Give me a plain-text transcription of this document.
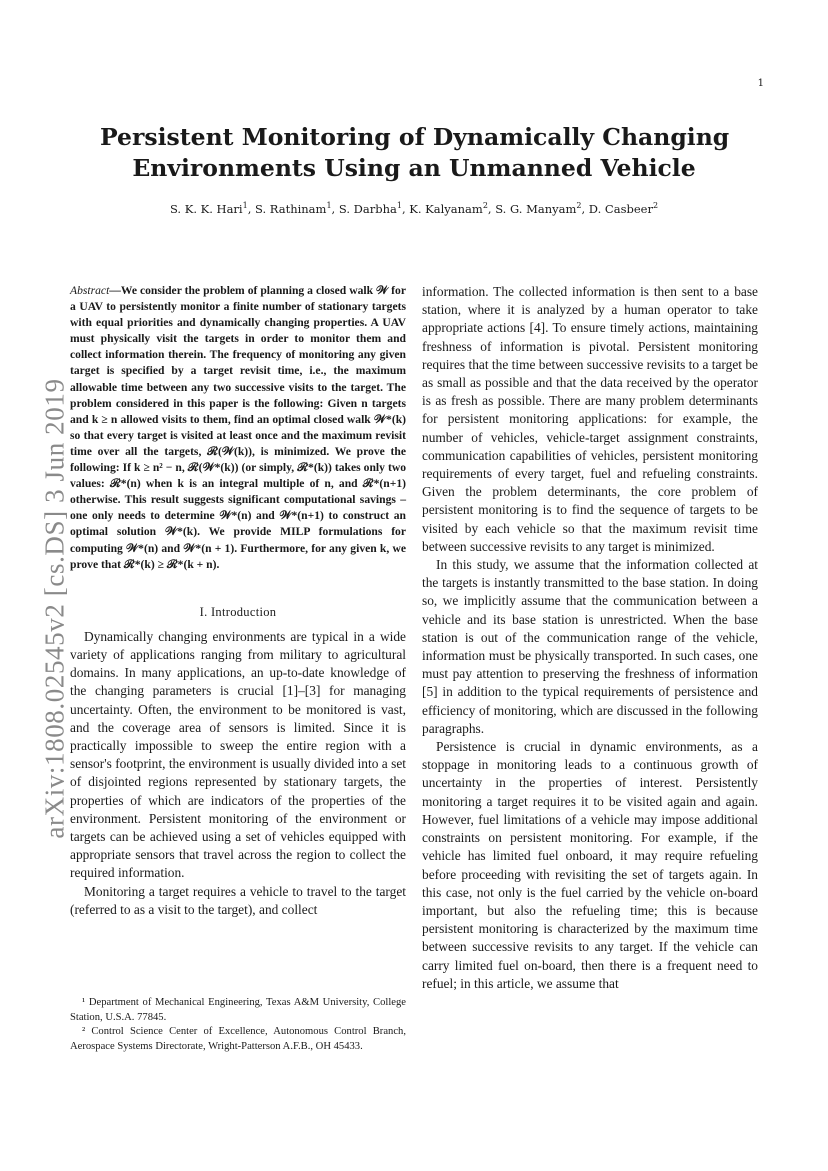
1
arXiv:1808.02545v2 [cs.DS] 3 Jun 2019
Persistent Monitoring of Dynamically Changing
Environments Using an Unmanned Vehicle
S. K. K. Hari$^1$, S. Rathinam$^1$, S. Darbha$^1$, K. Kalyanam$^2$, S. G. Manyam$^2$, D. Casbeer$^2$
Abstract—We consider the problem of planning a closed walk 𝒲 for a UAV to persistently monitor a finite number of stationary targets with equal priorities and dynamically changing properties. A UAV must physically visit the targets in order to monitor them and collect information therein. The frequency of monitoring any given target is specified by a target revisit time, i.e., the maximum allowable time between any two successive visits to the target. The problem considered in this paper is the following: Given n targets and k ≥ n allowed visits to them, find an optimal closed walk 𝒲*(k) so that every target is visited at least once and the maximum revisit time over all the targets, ℛ(𝒲(k)), is minimized. We prove the following: If k ≥ n² − n, ℛ(𝒲*(k)) (or simply, ℛ*(k)) takes only two values: ℛ*(n) when k is an integral multiple of n, and ℛ*(n+1) otherwise. This result suggests significant computational savings – one only needs to determine 𝒲*(n) and 𝒲*(n+1) to construct an optimal solution 𝒲*(k). We provide MILP formulations for computing 𝒲*(n) and 𝒲*(n + 1). Furthermore, for any given k, we prove that ℛ*(k) ≥ ℛ*(k + n).
I. Introduction

Dynamically changing environments are typical in a wide variety of applications ranging from military to agricultural domains. In many applications, an up-to-date knowledge of the changing parameters is crucial [1]–[3] for managing uncertainty. Often, the environment to be monitored is vast, and the coverage area of sensors is limited. Since it is practically impossible to sweep the entire region with a sensor's footprint, the environment is usually divided into a set of disjointed regions represented by stationary targets, the properties of which are indicators of the properties of the environment. Persistent monitoring of the environment or targets can be achieved using a set of vehicles equipped with appropriate sensors that travel across the region to collect the required information.

Monitoring a target requires a vehicle to travel to the target (referred to as a visit to the target), and collect

¹ Department of Mechanical Engineering, Texas A&M University, College Station, U.S.A. 77845.

² Control Science Center of Excellence, Autonomous Control Branch, Aerospace Systems Directorate, Wright-Patterson A.F.B., OH 45433.

information. The collected information is then sent to a base station, where it is analyzed by a human operator to take appropriate actions [4]. To ensure timely actions, maintaining freshness of information is pivotal. Persistent monitoring requires that the time between successive revisits to a target be as small as possible and that the data received by the operator is as fresh as possible. There are many problem determinants for persistent monitoring applications: for example, the number of vehicles, vehicle-target assignment constraints, communication capabilities of vehicles, persistent monitoring requirements of every target, fuel and refueling constraints. Given the problem determinants, the core problem of persistent monitoring is to find the sequence of targets to be visited by each vehicle so that the maximum revisit time between successive revisits to any target is minimized.

In this study, we assume that the information collected at the targets is instantly transmitted to the base station. In doing so, we implicitly assume that the communication between a vehicle and its base station is unrestricted. When the base station is out of the communication range of the vehicle, information must be physically transported. In such cases, one must pay attention to preserving the freshness of information [5] in addition to the typical requirements of persistence and efficiency of monitoring, which are discussed in the following paragraphs.

Persistence is crucial in dynamic environments, as a stoppage in monitoring leads to a continuous growth of uncertainty in the properties of interest. Persistently monitoring a target requires it to be visited again and again. However, fuel limitations of a vehicle may impose additional constraints on persistent monitoring. For example, if the vehicle has limited fuel onboard, it may require refueling before proceeding with revisiting the set of targets again. In this case, not only is the fuel carried by the vehicle on-board important, but also the refueling time; this is because persistent monitoring is characterized by the maximum time between successive revisits to any target. If the vehicle can carry limited fuel on-board, then there is a frequent need to refuel; in this article, we assume that
